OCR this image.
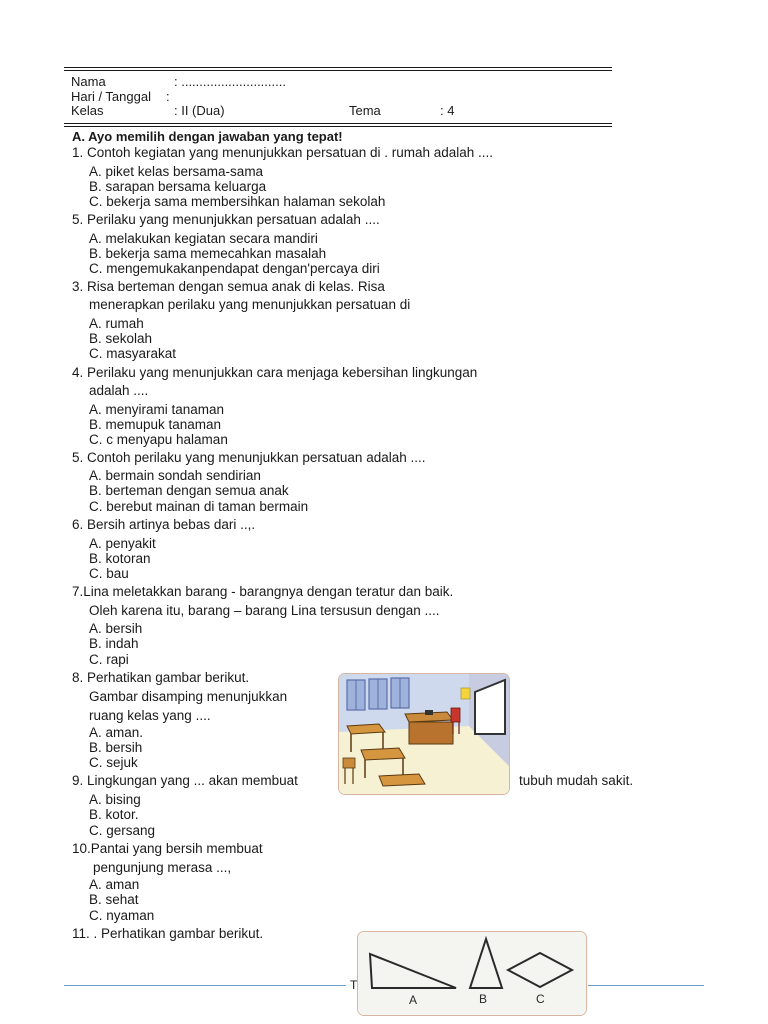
Nama	: .............................
Hari / Tanggal :
Kelas	: II (Dua)	Tema	: 4
A. Ayo memilih dengan jawaban yang tepat!
1. Contoh kegiatan yang menunjukkan persatuan di . rumah adalah ....
A. piket kelas bersama-sama
B. sarapan bersama keluarga
C. bekerja sama membersihkan halaman sekolah
5. Perilaku yang menunjukkan persatuan adalah ....
A. melakukan kegiatan secara mandiri
B. bekerja sama memecahkan masalah
C. mengemukakanpendapat dengan'percaya diri
3. Risa berteman dengan semua anak di kelas. Risa
menerapkan perilaku yang menunjukkan persatuan di
A. rumah
B. sekolah
C. masyarakat
4. Perilaku yang menunjukkan cara menjaga kebersihan lingkungan
adalah ....
A. menyirami tanaman
B. memupuk tanaman
C. c menyapu halaman
5. Contoh perilaku yang menunjukkan persatuan adalah ....
A. bermain sondah sendirian
B. berteman dengan semua anak
C. berebut mainan di taman bermain
6. Bersih artinya bebas dari ..,.
A. penyakit
B. kotoran
C. bau
7.Lina meletakkan barang - barangnya dengan teratur dan baik.
Oleh karena itu, barang – barang Lina tersusun dengan ....
A. bersih
B. indah
C. rapi
8. Perhatikan gambar berikut.
Gambar disamping menunjukkan
ruang kelas yang ....
A. aman.
B. bersih
C. sejuk
9. Lingkungan yang ... akan membuat	tubuh mudah sakit.
A. bising
B. kotor.
C. gersang
10.Pantai yang bersih membuat
pengunjung merasa ...,
A. aman
B. sehat
C. nyaman
11. . Perhatikan gambar berikut.
A	B	C
T
